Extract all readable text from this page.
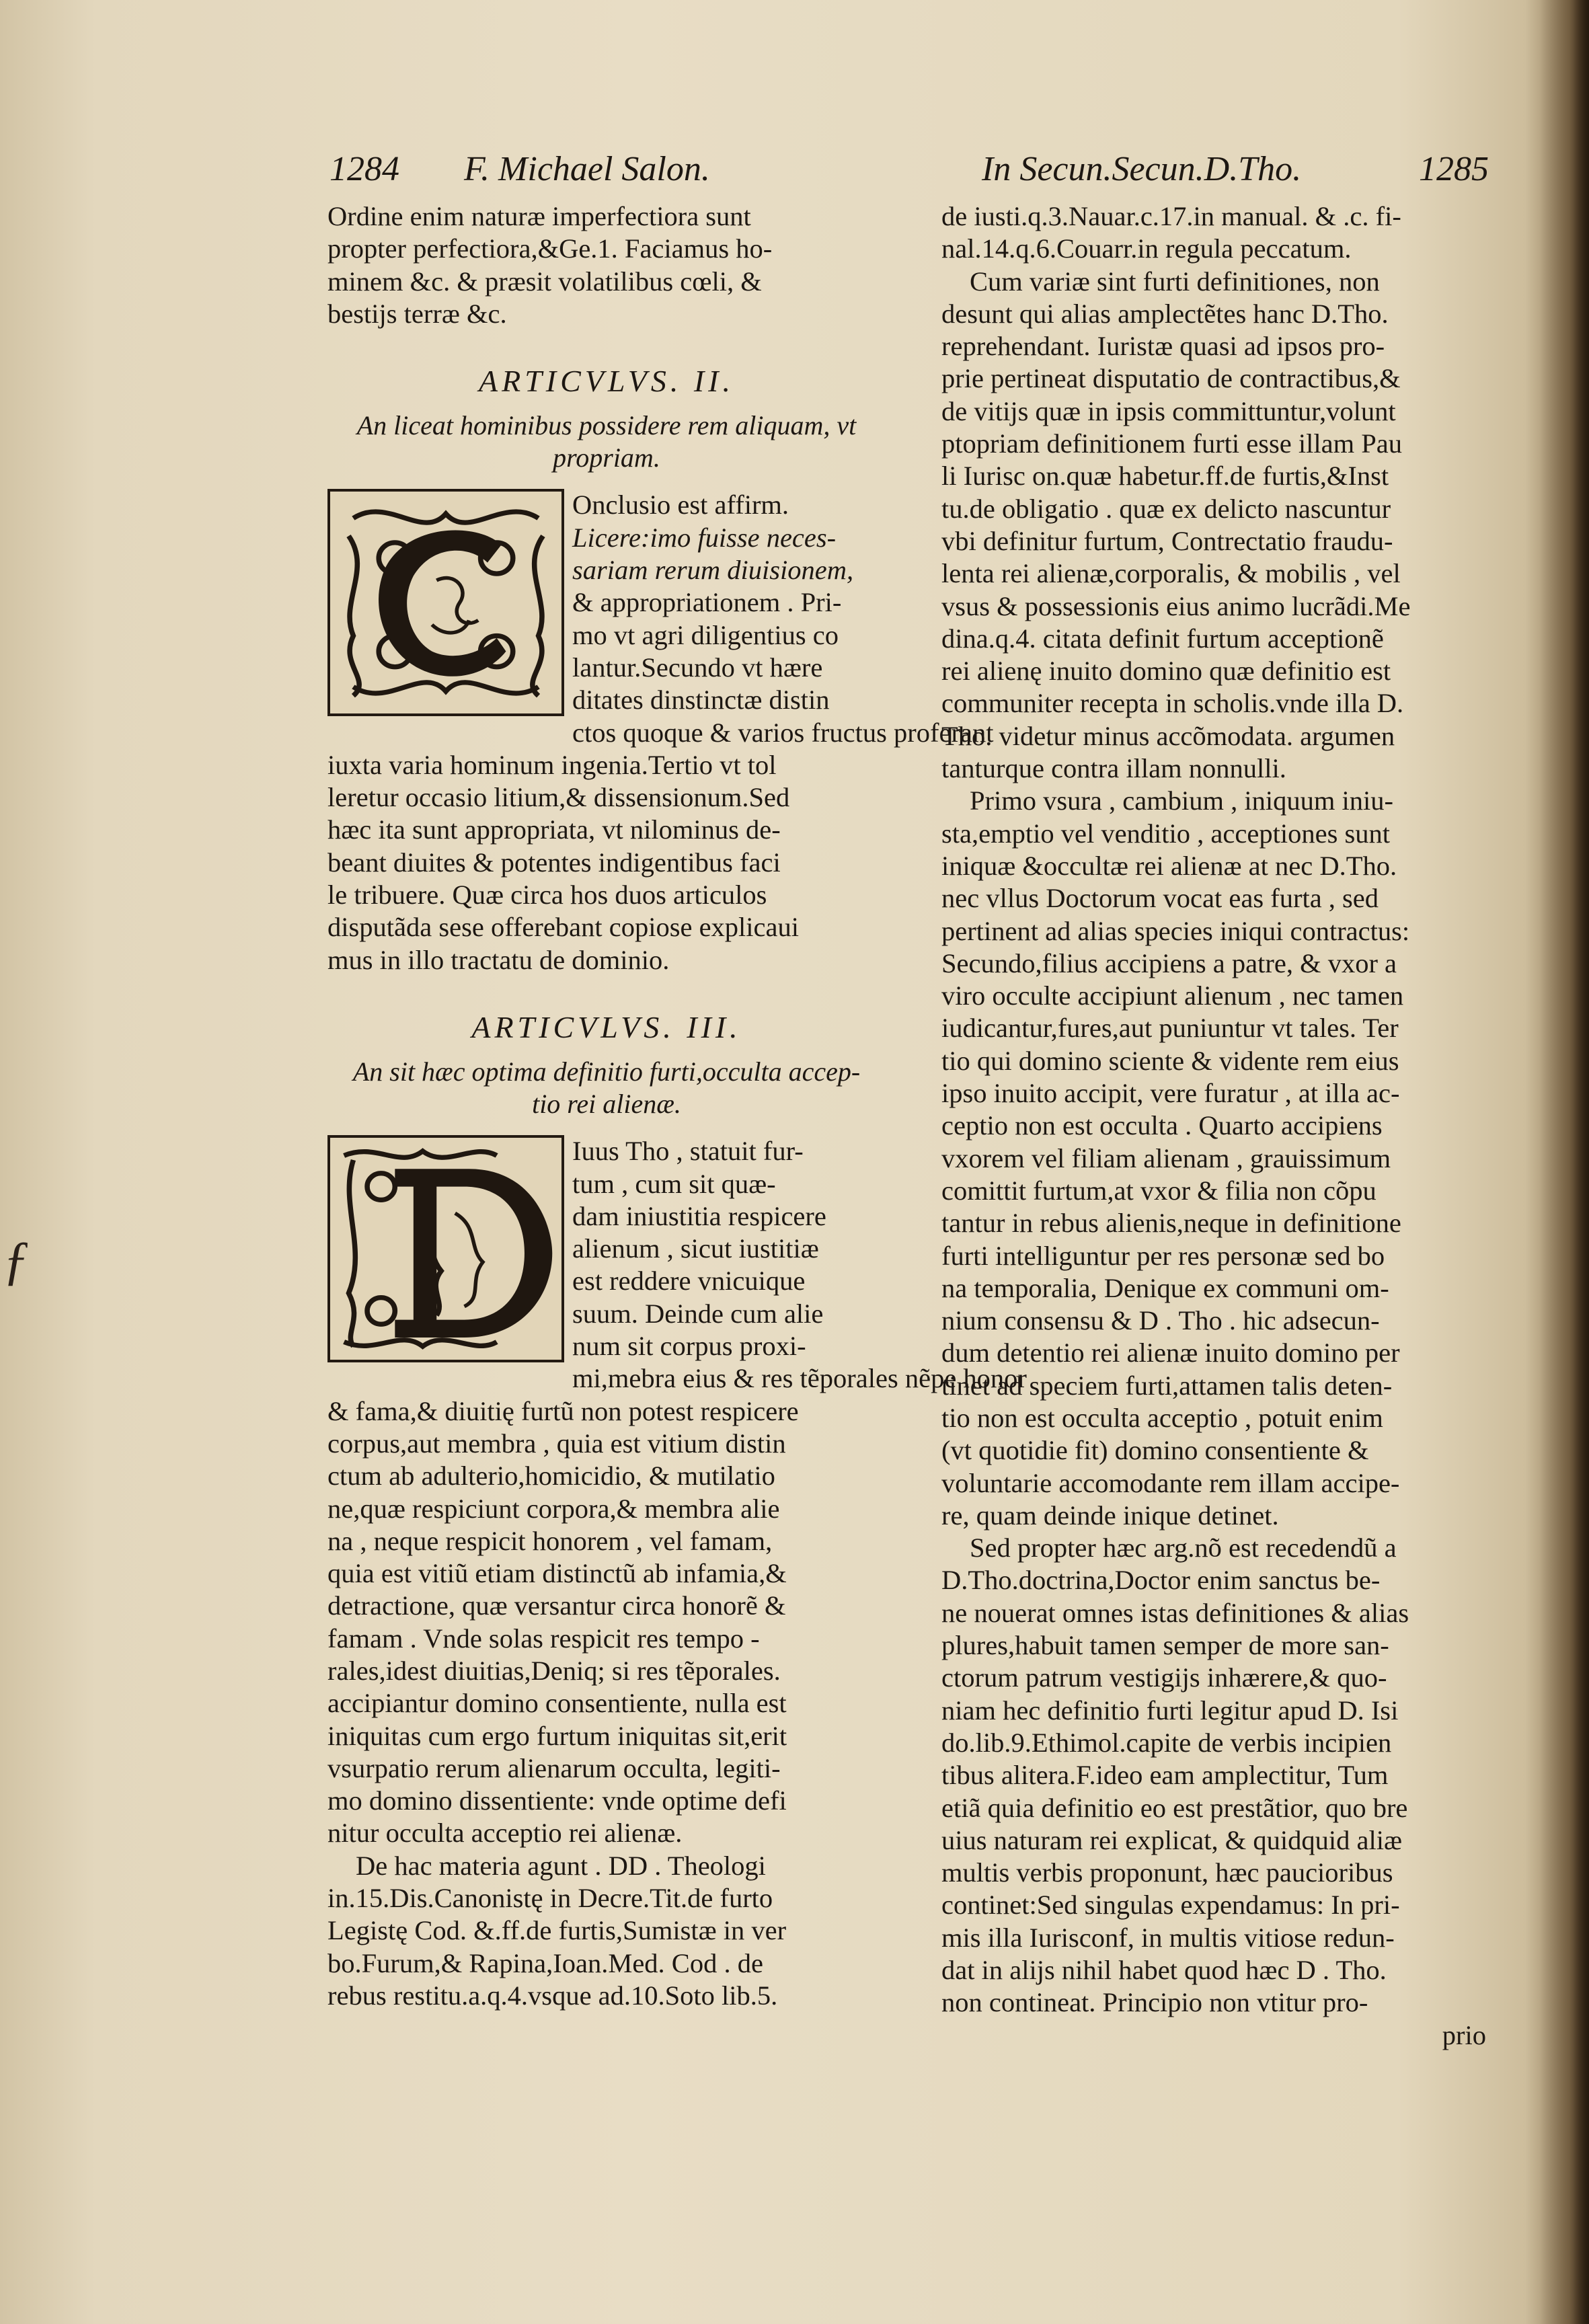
ƒ
1284 F. Michael Salon.	In Secun.Secun.D.Tho.	1285

Ordine enim naturæ imperfectiora sunt
propter perfectiora,&Ge.1. Faciamus ho-
minem &c. & præsit volatilibus cœli, &
bestijs terræ &c.

ARTICVLVS. II.
An liceat hominibus possidere rem aliquam, vt
propriam.
Onclusio est affirm.
Licere:imo fuisse neces-
sariam rerum diuisionem,
& appropriationem . Pri-
mo vt agri diligentius co
lantur.Secundo vt hære
ditates dinstinctæ distin
ctos quoque & varios fructus proferant
iuxta varia hominum ingenia.Tertio vt tol
leretur occasio litium,& dissensionum.Sed
hæc ita sunt appropriata, vt nilominus de-
beant diuites & potentes indigentibus faci
le tribuere. Quæ circa hos duos articulos
disputãda sese offerebant copiose explicaui
mus in illo tractatu de dominio.
ARTICVLVS. III.
An sit hæc optima definitio furti,occulta accep-
tio rei alienæ.
Iuus Tho , statuit fur-
tum , cum sit quæ-
dam iniustitia respicere
alienum , sicut iustitiæ
est reddere vnicuique
suum. Deinde cum alie
num sit corpus proxi-
mi,mebra eius & res tẽporales nẽpe honor
& fama,& diuitię furtũ non potest respicere
corpus,aut membra , quia est vitium distin
ctum ab adulterio,homicidio, & mutilatio
ne,quæ respiciunt corpora,& membra alie
na , neque respicit honorem , vel famam,
quia est vitiũ etiam distinctũ ab infamia,&
detractione, quæ versantur circa honorẽ &
famam . Vnde solas respicit res tempo -
rales,idest diuitias,Deniq; si res tẽporales.
accipiantur domino consentiente, nulla est
iniquitas cum ergo furtum iniquitas sit,erit
vsurpatio rerum alienarum occulta, legiti-
mo domino dissentiente: vnde optime defi
nitur occulta acceptio rei alienæ.
De hac materia agunt . DD . Theologi
in.15.Dis.Canonistę in Decre.Tit.de furto
Legistę Cod. &.ff.de furtis,Sumistæ in ver
bo.Furum,& Rapina,Ioan.Med. Cod . de
rebus restitu.a.q.4.vsque ad.10.Soto lib.5.

de iusti.q.3.Nauar.c.17.in manual. & .c. fi-
nal.14.q.6.Couarr.in regula peccatum.

Cum variæ sint furti definitiones, non
desunt qui alias amplectẽtes hanc D.Tho.
reprehendant. Iuristæ quasi ad ipsos pro-
prie pertineat disputatio de contractibus,&
de vitijs quæ in ipsis committuntur,volunt
ptopriam definitionem furti esse illam Pau
li Iurisc on.quæ habetur.ff.de furtis,&Inst
tu.de obligatio . quæ ex delicto nascuntur
vbi definitur furtum, Contrectatio fraudu-
lenta rei alienæ,corporalis, & mobilis , vel
vsus & possessionis eius animo lucrãdi.Me
dina.q.4. citata definit furtum acceptionẽ
rei alienę inuito domino quæ definitio est
communiter recepta in scholis.vnde illa D.
Tho. videtur minus accõmodata. argumen
tanturque contra illam nonnulli.

Primo vsura , cambium , iniquum iniu-
sta,emptio vel venditio , acceptiones sunt
iniquæ &occultæ rei alienæ at nec D.Tho.
nec vllus Doctorum vocat eas furta , sed
pertinent ad alias species iniqui contractus:
Secundo,filius accipiens a patre, & vxor a
viro occulte accipiunt alienum , nec tamen
iudicantur,fures,aut puniuntur vt tales. Ter
tio qui domino sciente & vidente rem eius
ipso inuito accipit, vere furatur , at illa ac-
ceptio non est occulta . Quarto accipiens
vxorem vel filiam alienam , grauissimum
comittit furtum,at vxor & filia non cõpu
tantur in rebus alienis,neque in definitione
furti intelliguntur per res personæ sed bo
na temporalia, Denique ex communi om-
nium consensu & D . Tho . hic adsecun-
dum detentio rei alienæ inuito domino per
tinet ad speciem furti,attamen talis deten-
tio non est occulta acceptio , potuit enim
(vt quotidie fit) domino consentiente &
voluntarie accomodante rem illam accipe-
re, quam deinde inique detinet.

Sed propter hæc arg.nõ est recedendũ a
D.Tho.doctrina,Doctor enim sanctus be-
ne nouerat omnes istas definitiones & alias
plures,habuit tamen semper de more san-
ctorum patrum vestigijs inhærere,& quo-
niam hec definitio furti legitur apud D. Isi
do.lib.9.Ethimol.capite de verbis incipien
tibus alitera.F.ideo eam amplectitur, Tum
etiã quia definitio eo est prestãtior, quo bre
uius naturam rei explicat, & quidquid aliæ
multis verbis proponunt, hæc paucioribus
continet:Sed singulas expendamus: In pri-
mis illa Iurisconf, in multis vitiose redun-
dat in alijs nihil habet quod hæc D . Tho.
non contineat. Principio non vtitur pro-

prio
